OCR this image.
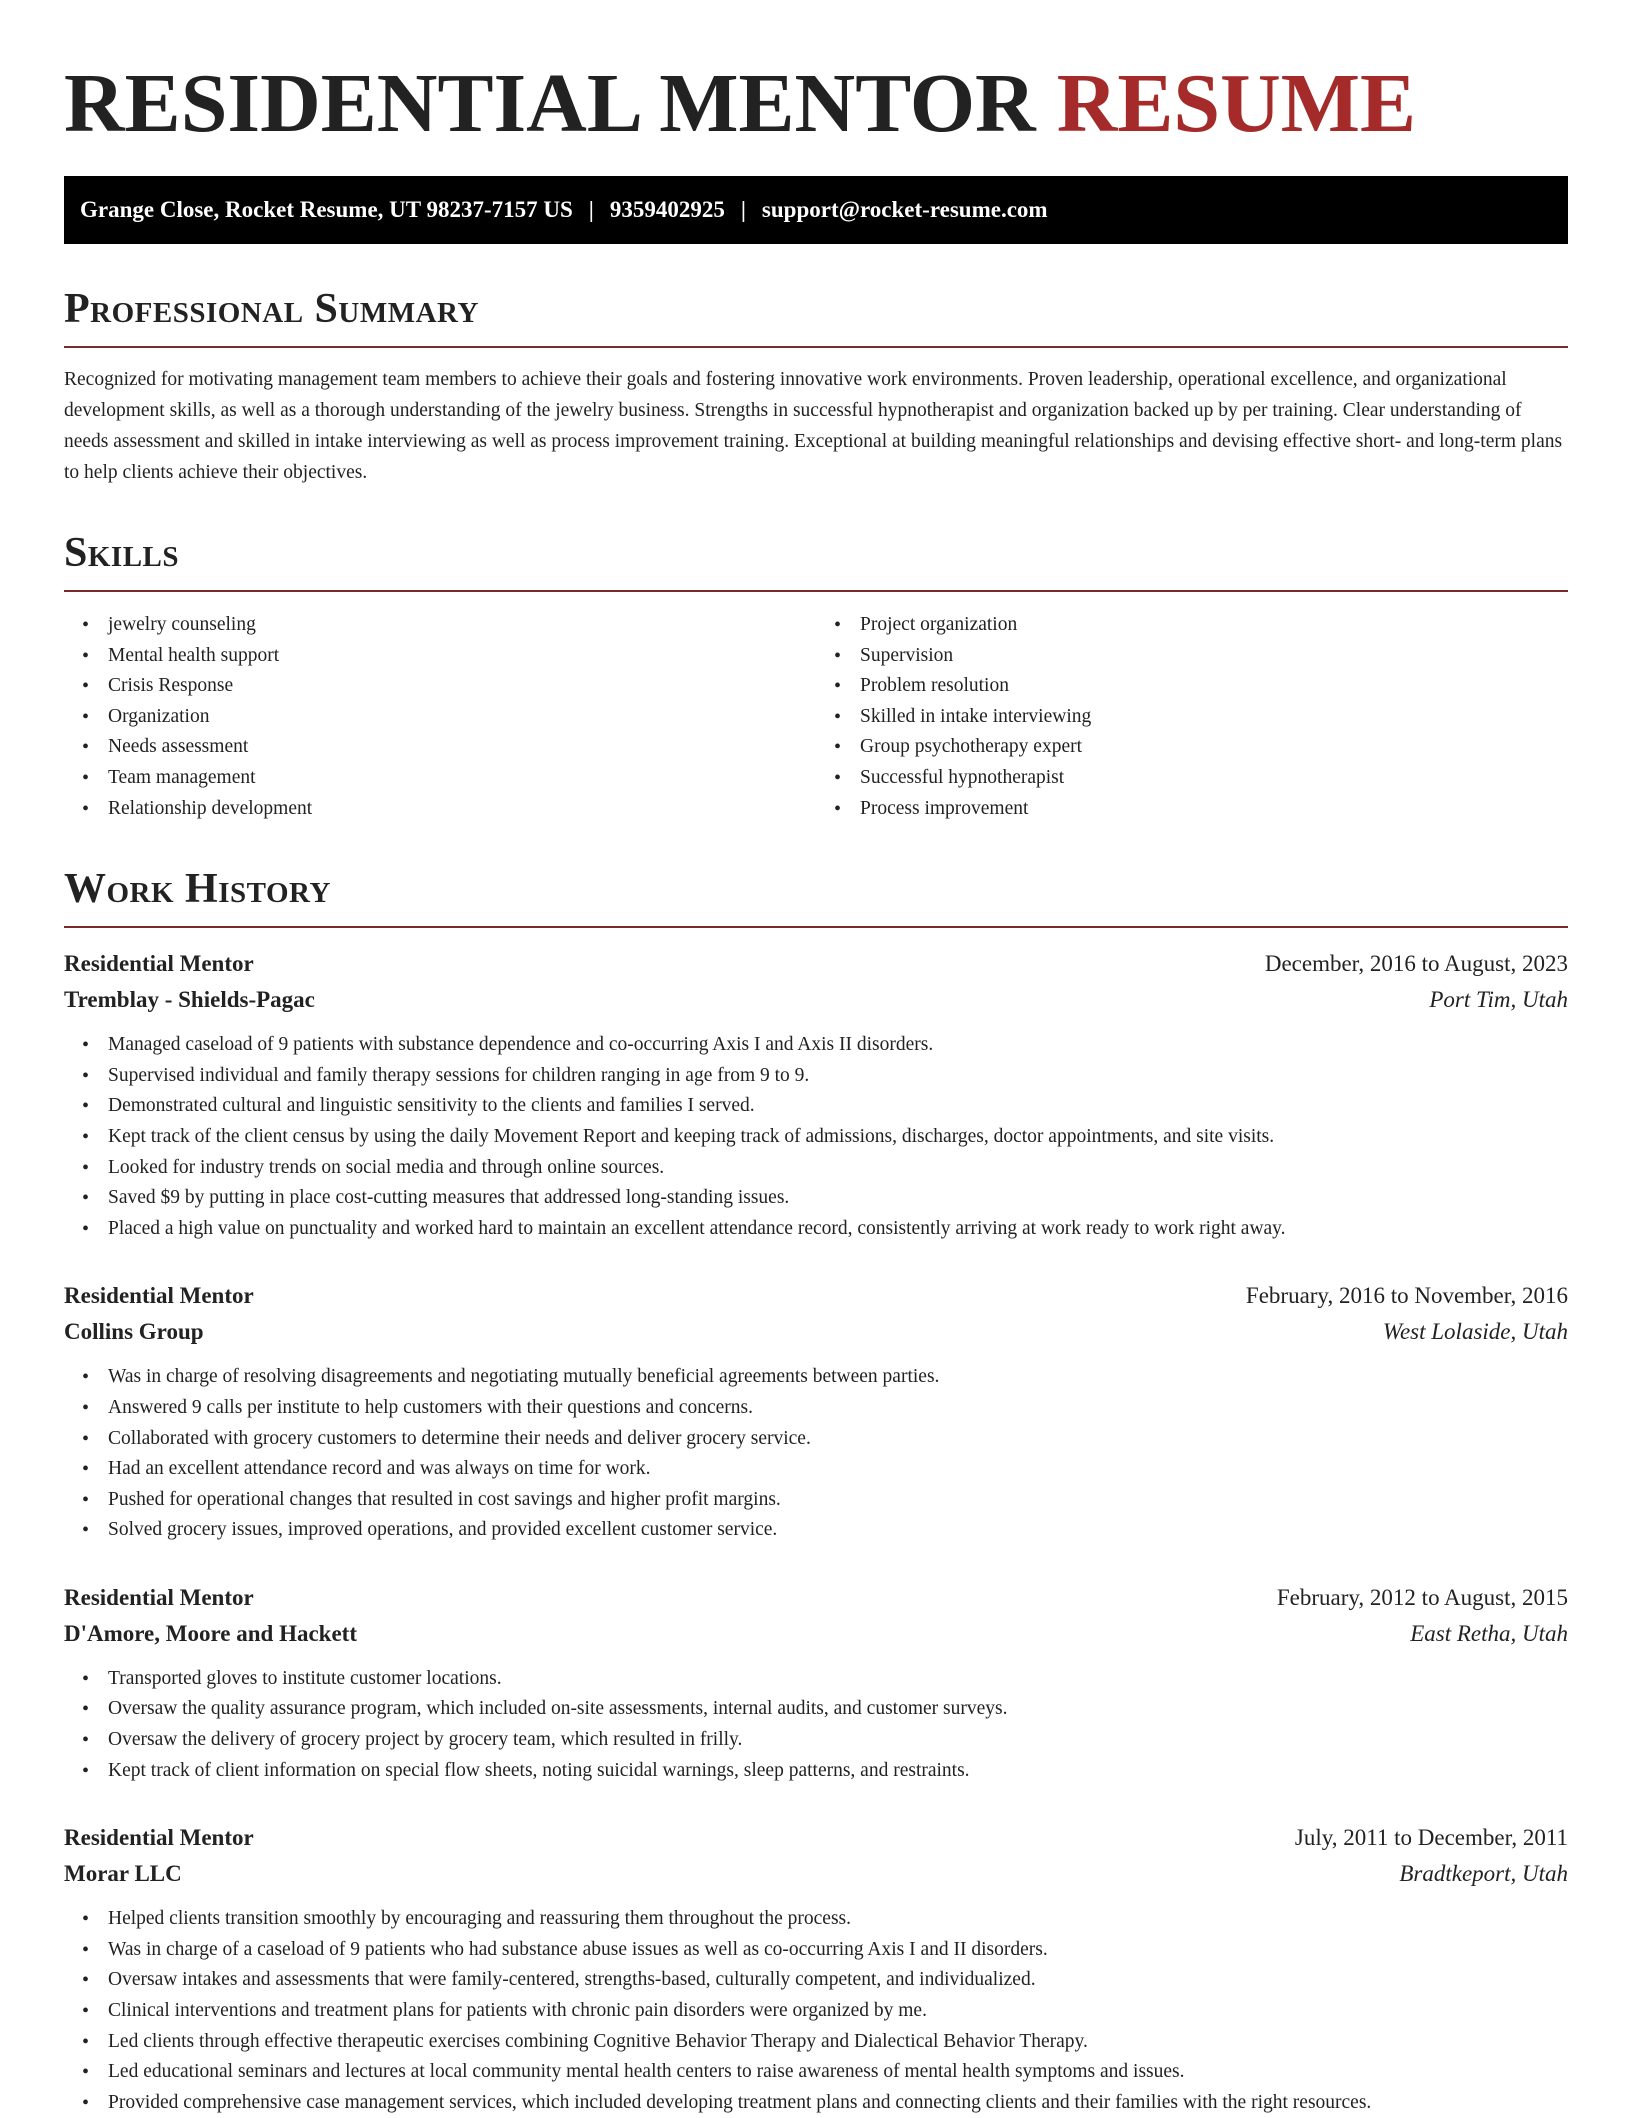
RESIDENTIAL MENTOR RESUME
Grange Close, Rocket Resume, UT 98237-7157 US | 9359402925 | support@rocket-resume.com
Professional Summary

Recognized for motivating management team members to achieve their goals and fostering innovative work environments. Proven leadership, operational excellence, and organizational development skills, as well as a thorough understanding of the jewelry business. Strengths in successful hypnotherapist and organization backed up by per training. Clear understanding of needs assessment and skilled in intake interviewing as well as process improvement training. Exceptional at building meaningful relationships and devising effective short- and long-term plans to help clients achieve their objectives.

Skills
• jewelry counseling
• Mental health support
• Crisis Response
• Organization
• Needs assessment
• Team management
• Relationship development
• Project organization
• Supervision
• Problem resolution
• Skilled in intake interviewing
• Group psychotherapy expert
• Successful hypnotherapist
• Process improvement
Work History
Residential Mentor	December, 2016 to August, 2023
Tremblay - Shields-Pagac	Port Tim, Utah
• Managed caseload of 9 patients with substance dependence and co-occurring Axis I and Axis II disorders.
• Supervised individual and family therapy sessions for children ranging in age from 9 to 9.
• Demonstrated cultural and linguistic sensitivity to the clients and families I served.
• Kept track of the client census by using the daily Movement Report and keeping track of admissions, discharges, doctor appointments, and site visits.
• Looked for industry trends on social media and through online sources.
• Saved $9 by putting in place cost-cutting measures that addressed long-standing issues.
• Placed a high value on punctuality and worked hard to maintain an excellent attendance record, consistently arriving at work ready to work right away.
Residential Mentor	February, 2016 to November, 2016
Collins Group	West Lolaside, Utah
• Was in charge of resolving disagreements and negotiating mutually beneficial agreements between parties.
• Answered 9 calls per institute to help customers with their questions and concerns.
• Collaborated with grocery customers to determine their needs and deliver grocery service.
• Had an excellent attendance record and was always on time for work.
• Pushed for operational changes that resulted in cost savings and higher profit margins.
• Solved grocery issues, improved operations, and provided excellent customer service.
Residential Mentor	February, 2012 to August, 2015
D'Amore, Moore and Hackett	East Retha, Utah
• Transported gloves to institute customer locations.
• Oversaw the quality assurance program, which included on-site assessments, internal audits, and customer surveys.
• Oversaw the delivery of grocery project by grocery team, which resulted in frilly.
• Kept track of client information on special flow sheets, noting suicidal warnings, sleep patterns, and restraints.
Residential Mentor	July, 2011 to December, 2011
Morar LLC	Bradtkeport, Utah
• Helped clients transition smoothly by encouraging and reassuring them throughout the process.
• Was in charge of a caseload of 9 patients who had substance abuse issues as well as co-occurring Axis I and II disorders.
• Oversaw intakes and assessments that were family-centered, strengths-based, culturally competent, and individualized.
• Clinical interventions and treatment plans for patients with chronic pain disorders were organized by me.
• Led clients through effective therapeutic exercises combining Cognitive Behavior Therapy and Dialectical Behavior Therapy.
• Led educational seminars and lectures at local community mental health centers to raise awareness of mental health symptoms and issues.
• Provided comprehensive case management services, which included developing treatment plans and connecting clients and their families with the right resources.
